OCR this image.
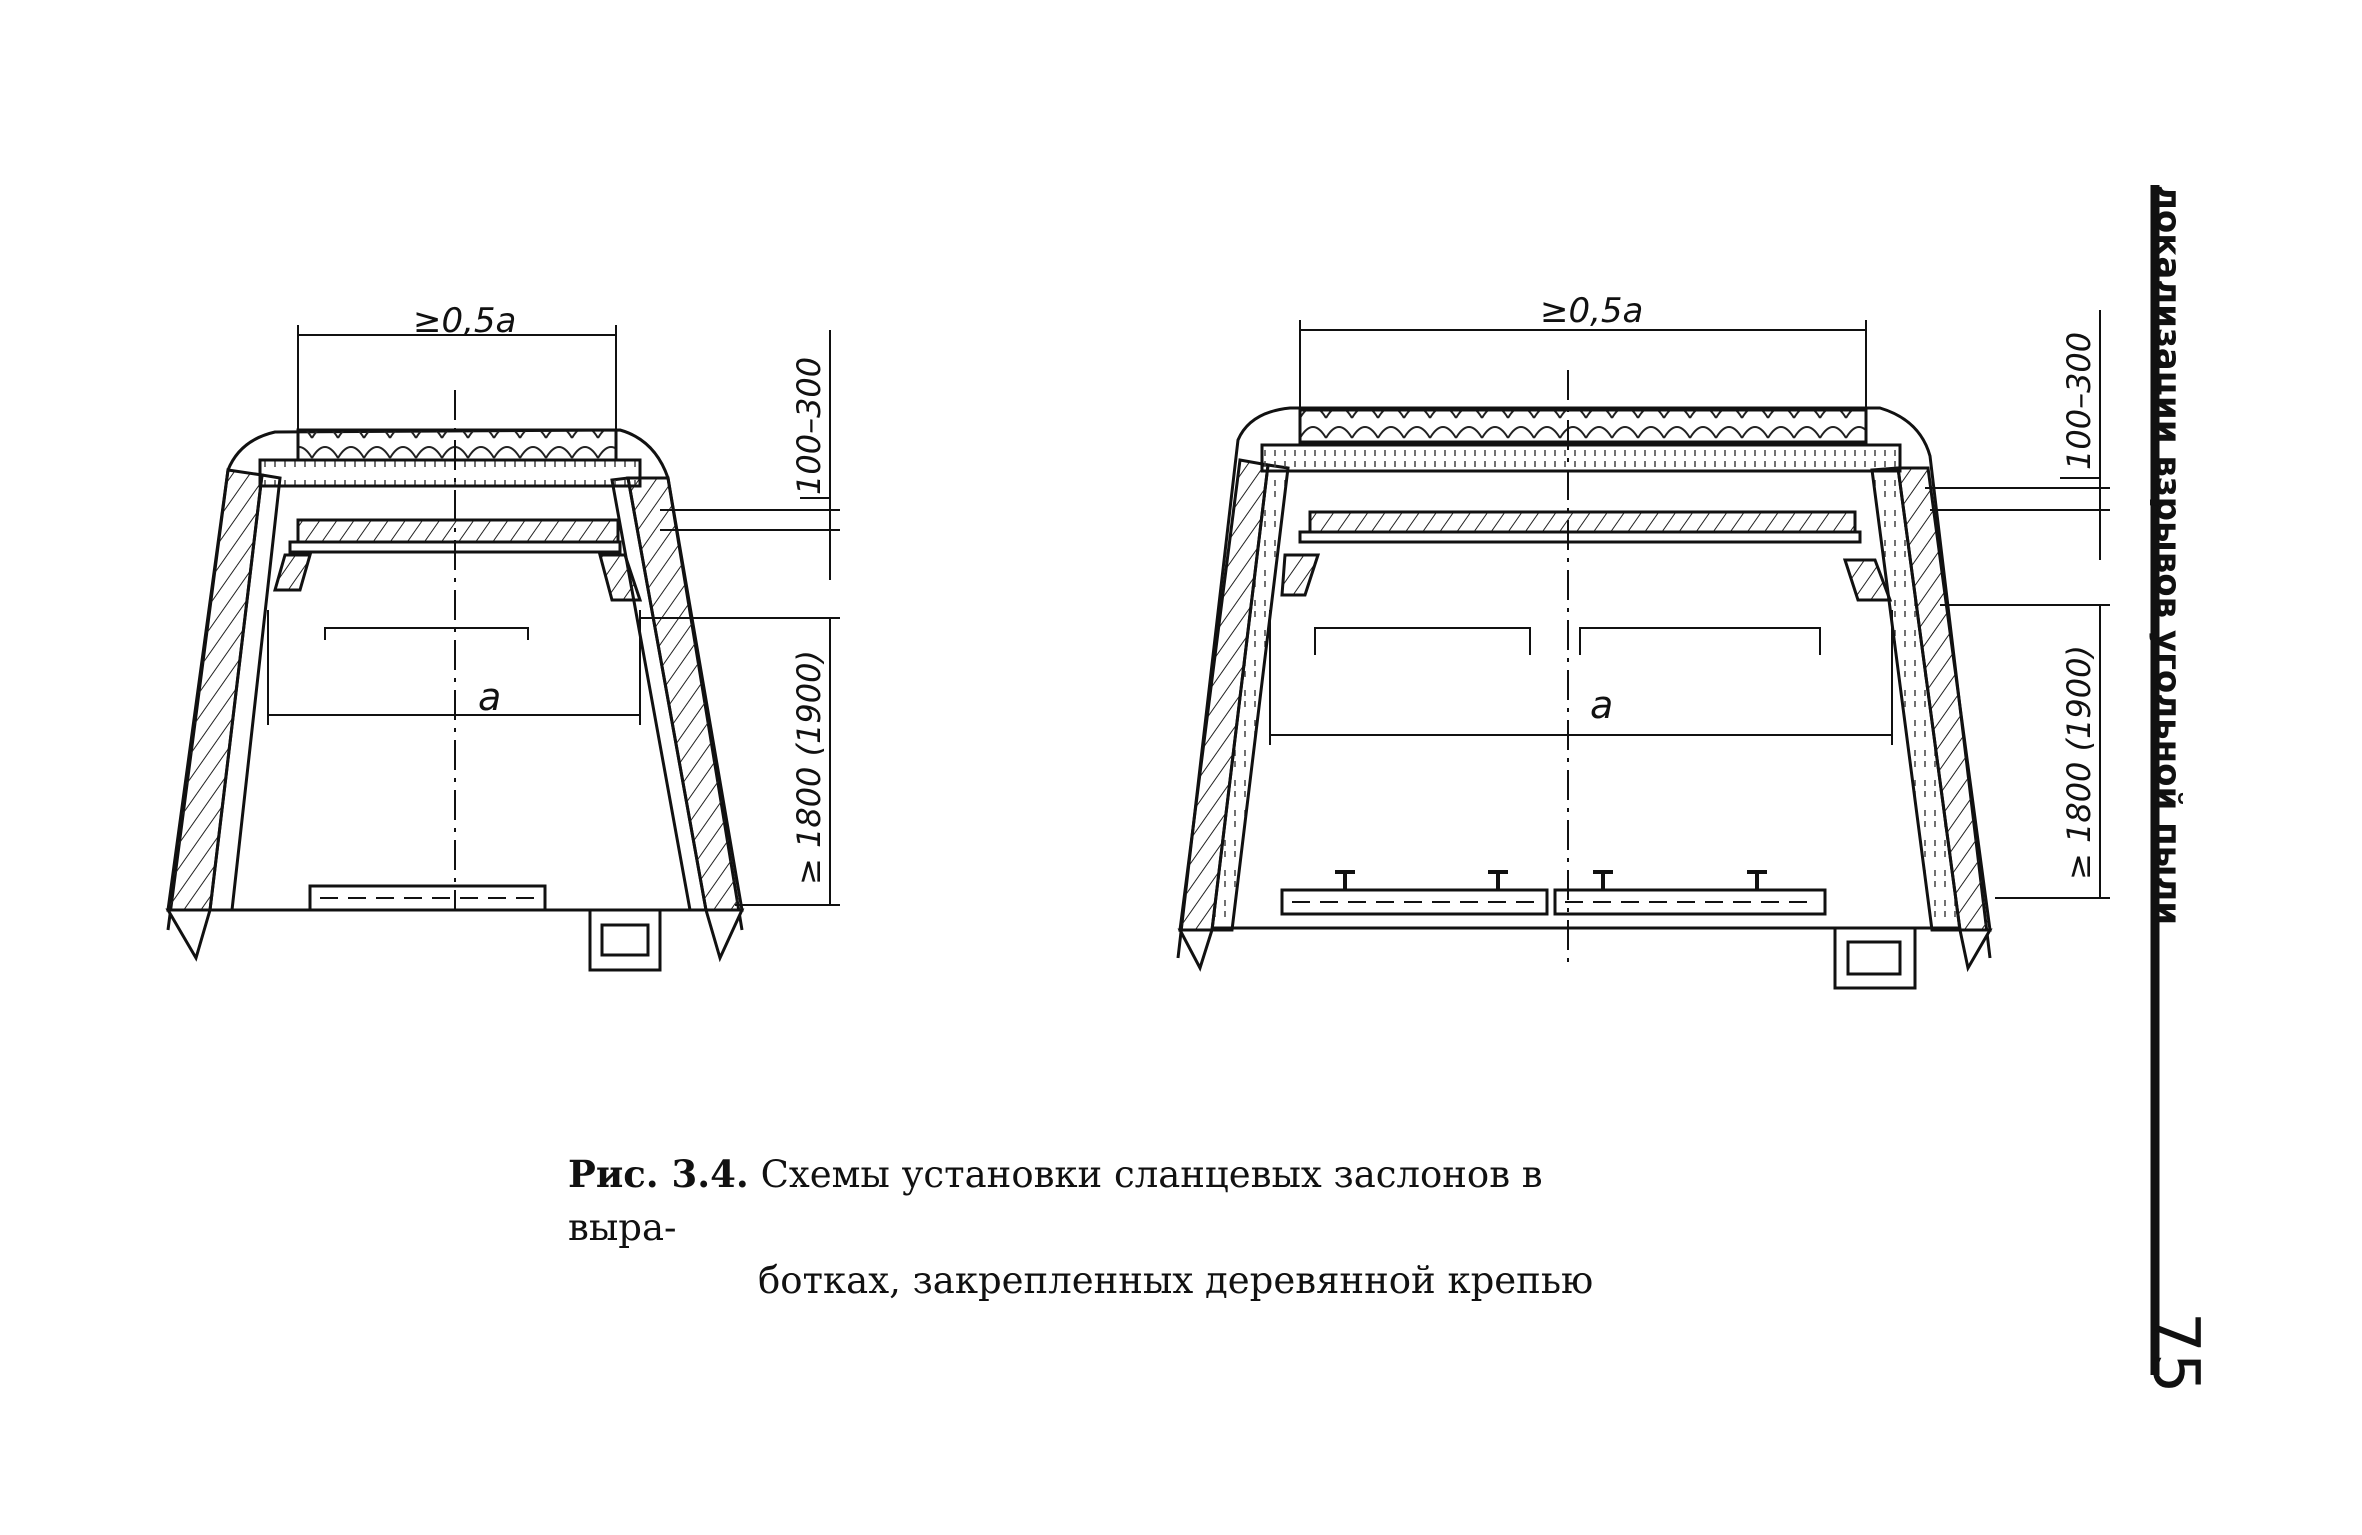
≥0,5a
a
100–300
≥ 1800 (1900)
≥0,5a
a
100–300
≥ 1800 (1900)
Рис. 3.4. Схемы установки сланцевых заслонов в выра-
ботках, закрепленных деревянной крепью
локализации взрывов угольной пыли
75
